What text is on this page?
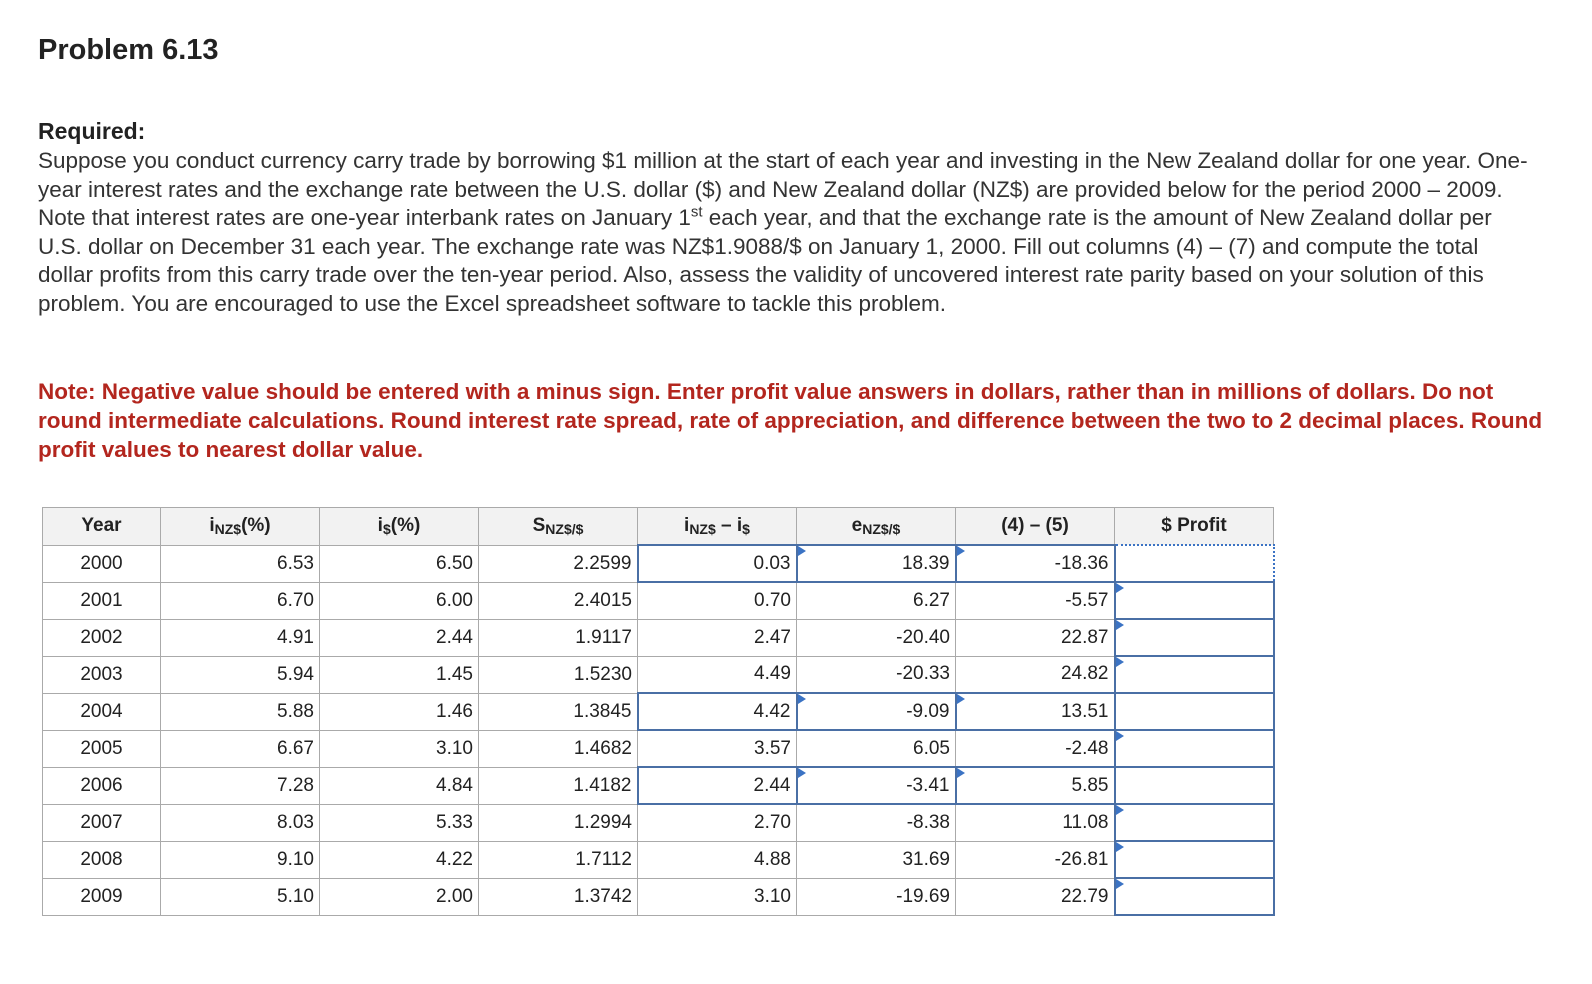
Problem 6.13
Required:
Suppose you conduct currency carry trade by borrowing $1 million at the start of each year and investing in the New Zealand dollar for one year. One-year interest rates and the exchange rate between the U.S. dollar ($) and New Zealand dollar (NZ$) are provided below for the period 2000 – 2009. Note that interest rates are one-year interbank rates on January 1st each year, and that the exchange rate is the amount of New Zealand dollar per U.S. dollar on December 31 each year. The exchange rate was NZ$1.9088/$ on January 1, 2000. Fill out columns (4) – (7) and compute the total dollar profits from this carry trade over the ten-year period. Also, assess the validity of uncovered interest rate parity based on your solution of this problem. You are encouraged to use the Excel spreadsheet software to tackle this problem.
Note: Negative value should be entered with a minus sign. Enter profit value answers in dollars, rather than in millions of dollars. Do not round intermediate calculations. Round interest rate spread, rate of appreciation, and difference between the two to 2 decimal places. Round profit values to nearest dollar value.
Year	$i_{NZ\$}(\%)$	$i_{\$}(\%)$	$S_{NZ\$/\$}$	$i_{NZ\$} - i_{\$}$	$e_{NZ\$/\$}$	(4) – (5)	$ Profit
2000	6.53	6.50	2.2599	0.03	18.39	-18.36	
2001	6.70	6.00	2.4015	0.70	6.27	-5.57	
2002	4.91	2.44	1.9117	2.47	-20.40	22.87	
2003	5.94	1.45	1.5230	4.49	-20.33	24.82	
2004	5.88	1.46	1.3845	4.42	-9.09	13.51	
2005	6.67	3.10	1.4682	3.57	6.05	-2.48	
2006	7.28	4.84	1.4182	2.44	-3.41	5.85	
2007	8.03	5.33	1.2994	2.70	-8.38	11.08	
2008	9.10	4.22	1.7112	4.88	31.69	-26.81	
2009	5.10	2.00	1.3742	3.10	-19.69	22.79	
